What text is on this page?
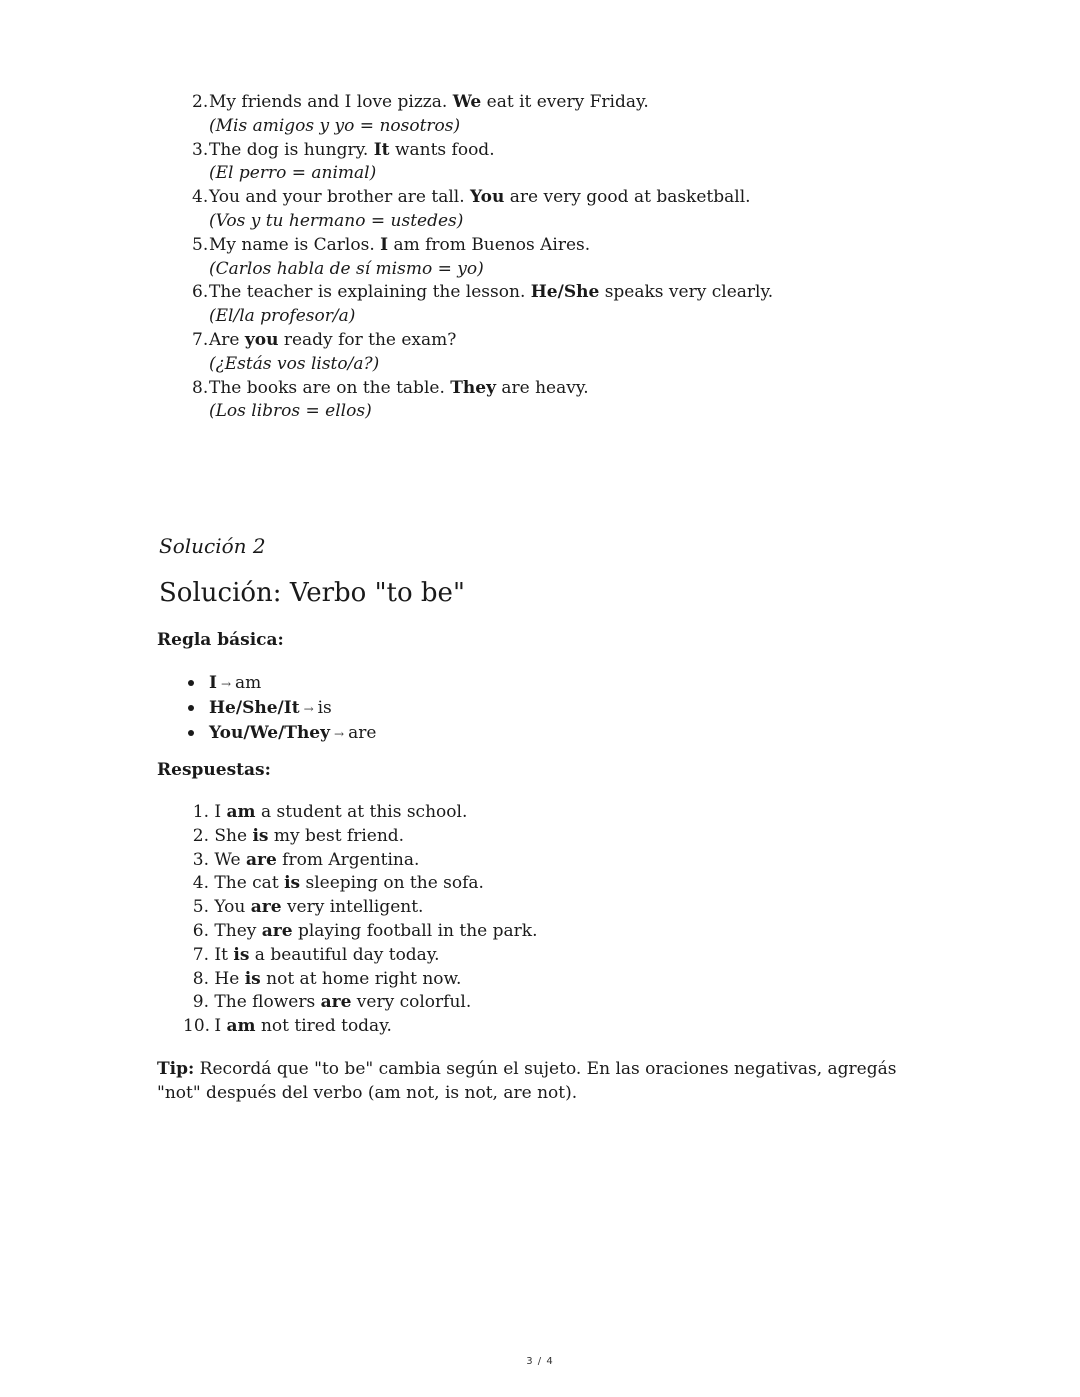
2.My friends and I love pizza. We eat it every Friday.
(Mis amigos y yo = nosotros)
3.The dog is hungry. It wants food.
(El perro = animal)
4.You and your brother are tall. You are very good at basketball.
(Vos y tu hermano = ustedes)
5.My name is Carlos. I am from Buenos Aires.
(Carlos habla de sí mismo = yo)
6.The teacher is explaining the lesson. He/She speaks very clearly.
(El/la profesor/a)
7.Are you ready for the exam?
(¿Estás vos listo/a?)
8.The books are on the table. They are heavy.
(Los libros = ellos)

Solución 2

Solución: Verbo "to be"

Regla básica:

I → am
He/She/It → is
You/We/They → are

Respuestas:

1. I am a student at this school.
2. She is my best friend.
3. We are from Argentina.
4. The cat is sleeping on the sofa.
5. You are very intelligent.
6. They are playing football in the park.
7. It is a beautiful day today.
8. He is not at home right now.
9. The flowers are very colorful.
10. I am not tired today.

Tip: Recordá que "to be" cambia según el sujeto. En las oraciones negativas, agregás "not" después del verbo (am not, is not, are not).

3 / 4
